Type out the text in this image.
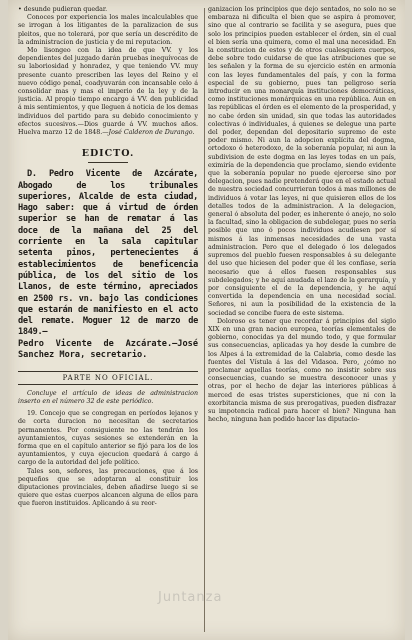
• desunde pudieran quedar.

Conoces por experiencia los males incalculables que se irrogan á los litigantes de la paralizacion de sus pleitos, que no tolerará, por que sería un descrédito de la administracion de justicia y de mi reputacion.

Mo lisongeo con la idea de que VV. y los dependientes del juzgado darán pruebas inequívocas de su laboriosidad y honradez, y que teniendo VV. muy presente cuanto prescriben las leyes del Reino y el nuevo código penal, coadyuvarán con incansable celo á consolidar mas y mas el imperio de la ley y de la justicia. Al propio tiempo encargo á VV. den publicidad á mis sentimientos, y que lleguen á noticia de los demas individuos del partido para su debido conocimiento y efectos sucesivos.—Dios guarde á VV. muchos años. Huelva marzo 12 de 1848.—José Calderon de Durango.

EDICTO.

D. Pedro Vicente de Azcárate, Abogado de los tribunales superiores, Alcalde de esta ciudad, Hago saber: que á virtud de órden superior se han de rematar á las doce de la mañana del 25 del corriente en la sala capitular setenta pinos, pertenecientes á establecimientos de beneficencia pública, de los del sitio de los Llanos, de este término, apreciados en 2500 rs. vn. bajo las condiciones que estarán de manifiesto en el acto del remate. Moguer 12 de marzo de 1849.—

Pedro Vicente de Azcárate.—José Sanchez Mora, secretario.

PARTE NO OFICIAL.

Concluye el artículo de ideas de administracion inserto en el número 32 de este periódico.

19. Concejo que se congregan en períodos lejanos y de corta duracion no necesitan de secretarios permanentes. Por consiguiente no las tendrán los ayuntamientos, cuyas sesiones se extenderán en la forma que en el capítulo anterior se fijó para los de los ayuntamientos, y cuya ejecucion quedará á cargo á cargo de la autoridad del jefe político.

Tales son, señores, las precauciones, que á los pequeños que se adoptaran al constituir los diputaciones provinciales, deben añadirse luego si se quiere que estas cuerpos alcancen alguna de ellos para que fueron instituidos. Aplicando á su reor-

ganizacion los principios que dejo sentados, no solo no se embaraza ni dificulta el bien que se aspira á promover, sino que al contrario se facilita y se asegura, pues que solo los principios pueden establecer el órden, sin el cual el bien sería una quimera, como el mal una necesidad. En la constitucion de estos y de otros cualesquiera cuerpos, debe sobre todo cuidarse de que las atribuciones que se les señalen y la forma de su ejercicio estén en armonía con las leyes fundamentales del país, y con la forma especial de su gobierno, pues tan peligroso sería introducir en una monarquía instituciones democráticas, como instituciones monárquicas en una república. Aun en las repúblicas el órden es el elemento de la prosperidad, y no cabe órden sin unidad, sin que todas las autoridades colectivas ó individuales, á quienes se delegue una parte del poder, dependan del depositario supremo de este poder mismo. Ni aun la adopcion explícita del dogma, ortodoxo ó heterodoxo, de la soberanía popular, ni aun la subdivision de este dogma en las leyes todas en un país, eximiría de la dependencia que proclamo, siendo evidente que la soberanía popular no puede ejercerse sino por delegacion, pues nadie pretenderá que en el estado actual de nuestra sociedad concurrieran todos á mas millones de individuos á votar las leyes, ni que quisieren ellos de los detalles todos de la administracion. A la delegacion, general ó absoluta del poder, es inherente ó anejo, no solo la facultad, sino la obligacion de subdelegar, pues no sería posible que uno ó pocos individuos acudiesen por sí mismos á las inmensas necesidades de una vasta administracion. Pero que el delegado ó los delegados supremos del pueblo fuesen responsables á su delegante del uso que hiciesen del poder que él les confiase, sería necesario que á ellos fuesen responsables sus subdelegados; y he aquí anudada el lazo de la gerarquía, y por consiguiente el de la dependencia, y he aquí convertida la dependencia en una necesidad social. Señores, ni aun la posibilidad de la existencia de la sociedad se concibe fuera de este sistema.

Doloroso es tener que recordar á principios del siglo XIX en una gran nacion europea, teorías elementales de gobierno, conocidas ya del mundo todo, y que formular sus consecuencias, aplicadas ya hoy desde la cumbre de los Alpes á la extremidad de la Calabria, como desde las fuentes del Vístula á las del Vidasoa. Pero, ¿cómo no proclamar aquellas teorías, como no insistir sobre sus consecuencias, cuando se muestra desconocer unas y otras, por el hecho de dejar las interiores públicas á merced de esas tristes supersticiones, que ni con la exorbitancia misma de sus prerogativas, pueden disfrazar su impotencia radical para hacer el bien? Ninguna han hecho, ninguna han podido hacer las diputacio-

Juntanza
